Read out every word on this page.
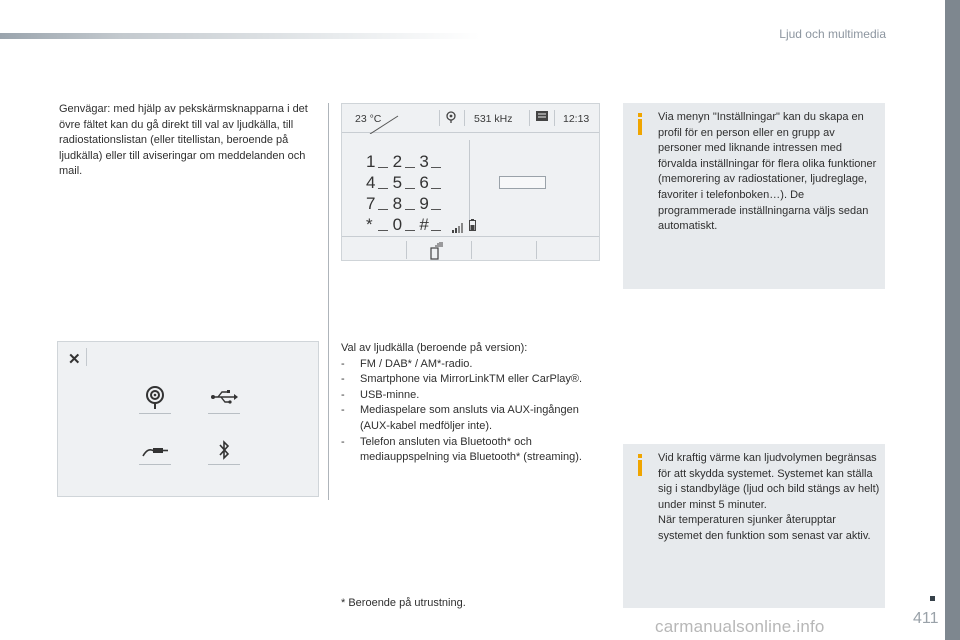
Ljud och multimedia
Genvägar: med hjälp av pekskärmsknapparna i det övre fältet kan du gå direkt till val av ljudkälla, till radiostationslistan (eller titellistan, beroende på ljudkälla) eller till aviseringar om meddelanden och mail.
23 °C	531 kHz	12:13
1	2	3
4	5	6
7	8	9
*	0	#
Via menyn "Inställningar" kan du skapa en profil för en person eller en grupp av personer med liknande intressen med förvalda inställningar för flera olika funktioner (memorering av radiostationer, ljudreglage, favoriter i telefonboken…). De programmerade inställningarna väljs sedan automatiskt.
✕
Val av ljudkälla (beroende på version):
- FM / DAB* / AM*-radio.
- Smartphone via MirrorLinkTM eller CarPlay®.
- USB-minne.
- Mediaspelare som ansluts via AUX-ingången (AUX-kabel medföljer inte).
- Telefon ansluten via Bluetooth* och mediauppspelning via Bluetooth* (streaming).	Vid kraftig värme kan ljudvolymen begränsas för att skydda systemet. Systemet kan ställa sig i standbyläge (ljud och bild stängs av helt) under minst 5 minuter.
När temperaturen sjunker återupptar systemet den funktion som senast var aktiv.
* Beroende på utrustning.
411
carmanualsonline.info
